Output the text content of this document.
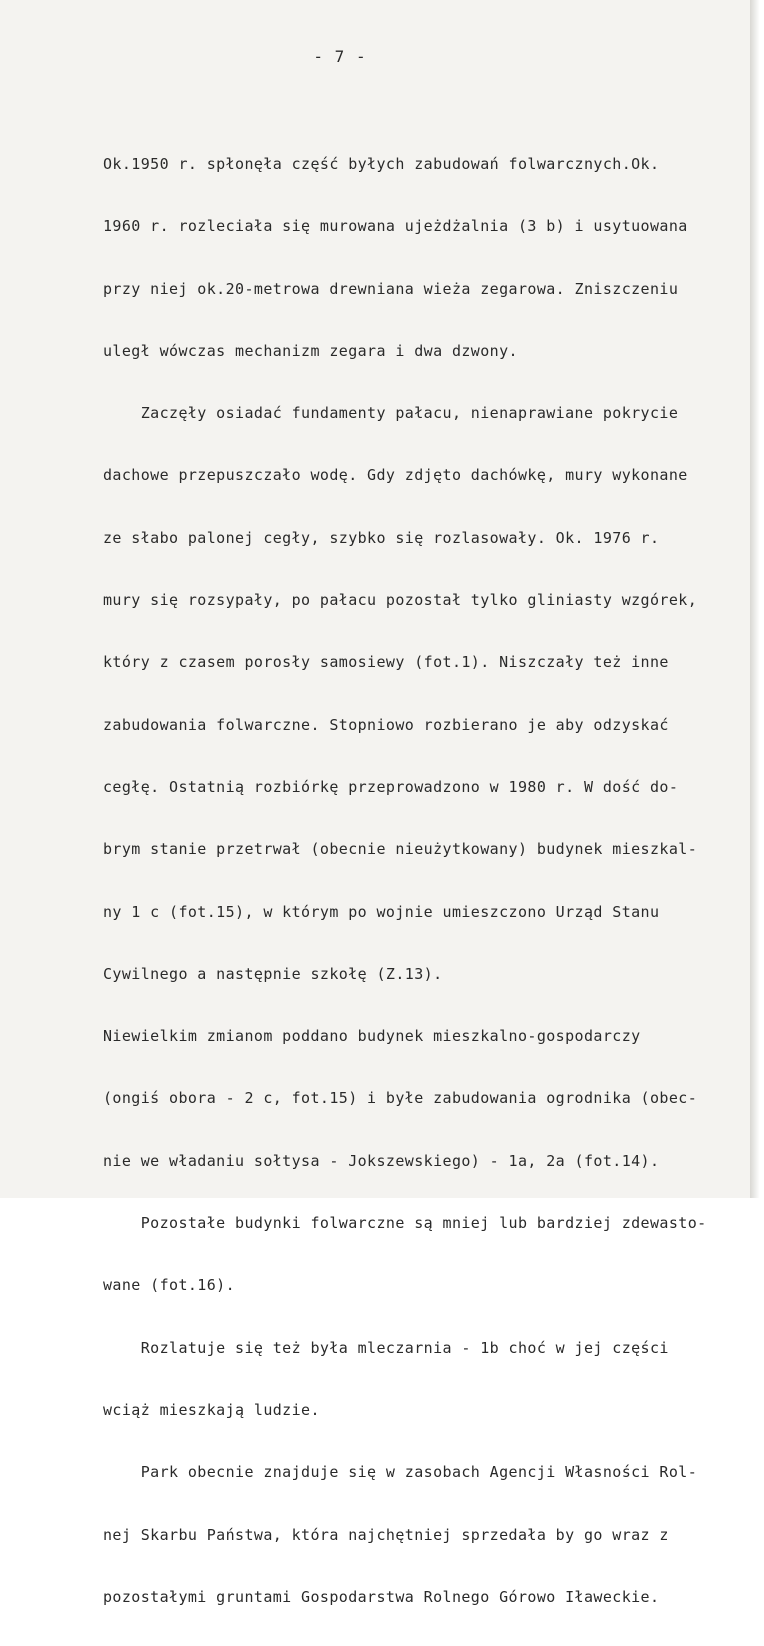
- 7 -

Ok.1950 r. spłonęła część byłych zabudowań folwarcznych.Ok.

1960 r. rozleciała się murowana ujeżdżalnia (3 b) i usytuowana

przy niej ok.20-metrowa drewniana wieża zegarowa. Zniszczeniu

uległ wówczas mechanizm zegara i dwa dzwony.

Zaczęły osiadać fundamenty pałacu, nienaprawiane pokrycie

dachowe przepuszczało wodę. Gdy zdjęto dachówkę, mury wykonane

ze słabo palonej cegły, szybko się rozlasowały. Ok. 1976 r.

mury się rozsypały, po pałacu pozostał tylko gliniasty wzgórek,

który z czasem porosły samosiewy (fot.1). Niszczały też inne

zabudowania folwarczne. Stopniowo rozbierano je aby odzyskać

cegłę. Ostatnią rozbiórkę przeprowadzono w 1980 r. W dość do-

brym stanie przetrwał (obecnie nieużytkowany) budynek mieszkal-

ny 1 c (fot.15), w którym po wojnie umieszczono Urząd Stanu

Cywilnego a następnie szkołę (Z.13).

Niewielkim zmianom poddano budynek mieszkalno-gospodarczy

(ongiś obora - 2 c, fot.15) i byłe zabudowania ogrodnika (obec-

nie we władaniu sołtysa - Jokszewskiego) - 1a, 2a (fot.14).

Pozostałe budynki folwarczne są mniej lub bardziej zdewasto-

wane (fot.16).

Rozlatuje się też była mleczarnia - 1b choć w jej części

wciąż mieszkają ludzie.

Park obecnie znajduje się w zasobach Agencji Własności Rol-

nej Skarbu Państwa, która najchętniej sprzedała by go wraz z

pozostałymi gruntami Gospodarstwa Rolnego Górowo Iławeckie.
